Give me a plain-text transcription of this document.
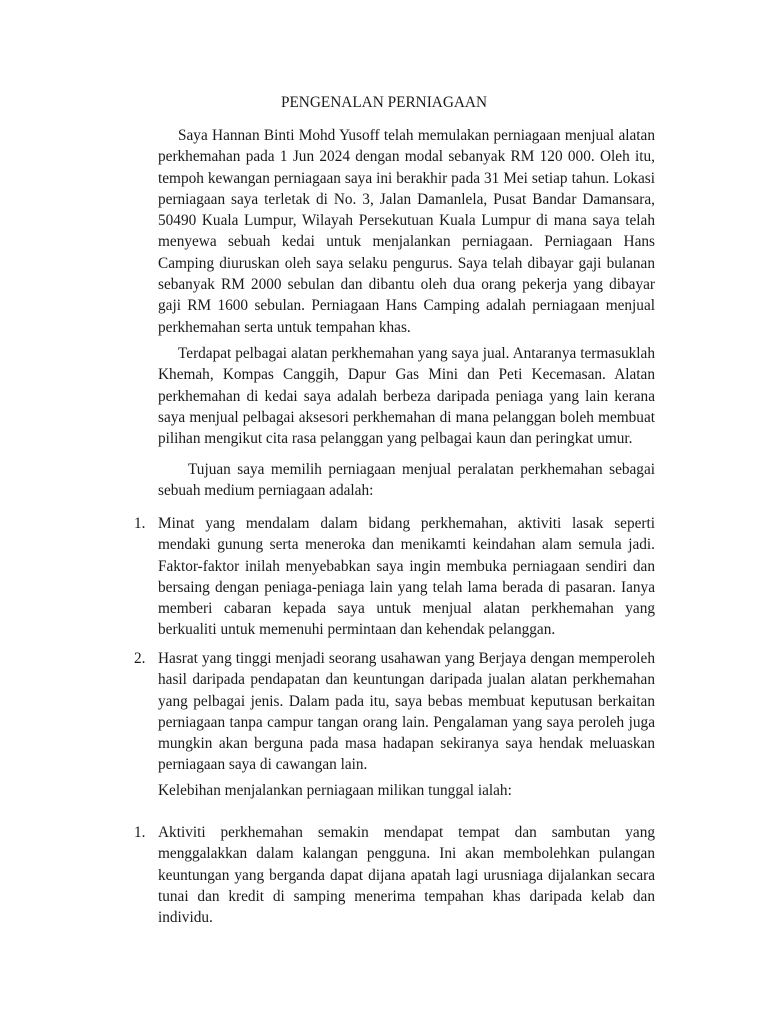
PENGENALAN PERNIAGAAN

Saya Hannan Binti Mohd Yusoff telah memulakan perniagaan menjual alatan perkhemahan pada 1 Jun 2024 dengan modal sebanyak RM 120 000. Oleh itu, tempoh kewangan perniagaan saya ini berakhir pada 31 Mei setiap tahun. Lokasi perniagaan saya terletak di No. 3, Jalan Damanlela, Pusat Bandar Damansara, 50490 Kuala Lumpur, Wilayah Persekutuan Kuala Lumpur di mana saya telah menyewa sebuah kedai untuk menjalankan perniagaan. Perniagaan Hans Camping diuruskan oleh saya selaku pengurus. Saya telah dibayar gaji bulanan sebanyak RM 2000 sebulan dan dibantu oleh dua orang pekerja yang dibayar gaji RM 1600 sebulan. Perniagaan Hans Camping adalah perniagaan menjual perkhemahan serta untuk tempahan khas.

Terdapat pelbagai alatan perkhemahan yang saya jual. Antaranya termasuklah Khemah, Kompas Canggih, Dapur Gas Mini dan Peti Kecemasan. Alatan perkhemahan di kedai saya adalah berbeza daripada peniaga yang lain kerana saya menjual pelbagai aksesori perkhemahan di mana pelanggan boleh membuat pilihan mengikut cita rasa pelanggan yang pelbagai kaun dan peringkat umur.

Tujuan saya memilih perniagaan menjual peralatan perkhemahan sebagai sebuah medium perniagaan adalah:

1. Minat yang mendalam dalam bidang perkhemahan, aktiviti lasak seperti mendaki gunung serta meneroka dan menikamti keindahan alam semula jadi. Faktor-faktor inilah menyebabkan saya ingin membuka perniagaan sendiri dan bersaing dengan peniaga-peniaga lain yang telah lama berada di pasaran. Ianya memberi cabaran kepada saya untuk menjual alatan perkhemahan yang berkualiti untuk memenuhi permintaan dan kehendak pelanggan.
2. Hasrat yang tinggi menjadi seorang usahawan yang Berjaya dengan memperoleh hasil daripada pendapatan dan keuntungan daripada jualan alatan perkhemahan yang pelbagai jenis. Dalam pada itu, saya bebas membuat keputusan berkaitan perniagaan tanpa campur tangan orang lain. Pengalaman yang saya peroleh juga mungkin akan berguna pada masa hadapan sekiranya saya hendak meluaskan perniagaan saya di cawangan lain.

Kelebihan menjalankan perniagaan milikan tunggal ialah:

1. Aktiviti perkhemahan semakin mendapat tempat dan sambutan yang menggalakkan dalam kalangan pengguna. Ini akan membolehkan pulangan keuntungan yang berganda dapat dijana apatah lagi urusniaga dijalankan secara tunai dan kredit di samping menerima tempahan khas daripada kelab dan individu.
